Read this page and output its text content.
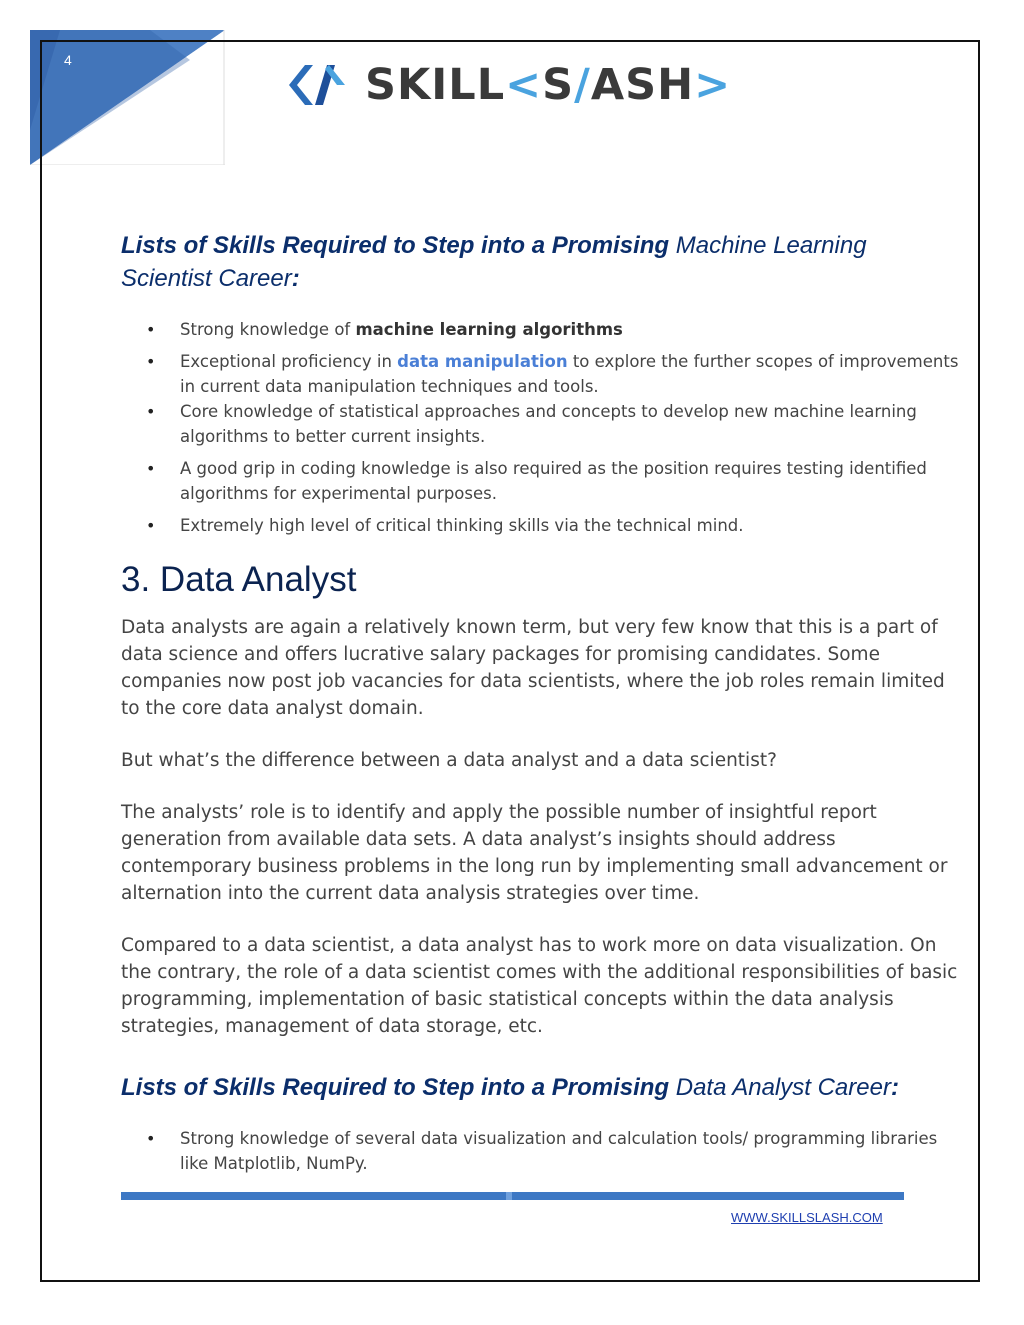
4	SKILL<S/ASH>
Lists of Skills Required to Step into a Promising Machine Learning Scientist Career:
• Strong knowledge of machine learning algorithms
• Exceptional proficiency in data manipulation to explore the further scopes of improvements in current data manipulation techniques and tools.
• Core knowledge of statistical approaches and concepts to develop new machine learning algorithms to better current insights.
• A good grip in coding knowledge is also required as the position requires testing identified algorithms for experimental purposes.
• Extremely high level of critical thinking skills via the technical mind.
3. Data Analyst

Data analysts are again a relatively known term, but very few know that this is a part of data science and offers lucrative salary packages for promising candidates. Some companies now post job vacancies for data scientists, where the job roles remain limited to the core data analyst domain.

But what’s the difference between a data analyst and a data scientist?

The analysts’ role is to identify and apply the possible number of insightful report generation from available data sets. A data analyst’s insights should address contemporary business problems in the long run by implementing small advancement or alternation into the current data analysis strategies over time.

Compared to a data scientist, a data analyst has to work more on data visualization. On the contrary, the role of a data scientist comes with the additional responsibilities of basic programming, implementation of basic statistical concepts within the data analysis strategies, management of data storage, etc.

Lists of Skills Required to Step into a Promising Data Analyst Career:
• Strong knowledge of several data visualization and calculation tools/ programming libraries like Matplotlib, NumPy.
WWW.SKILLSLASH.COM
